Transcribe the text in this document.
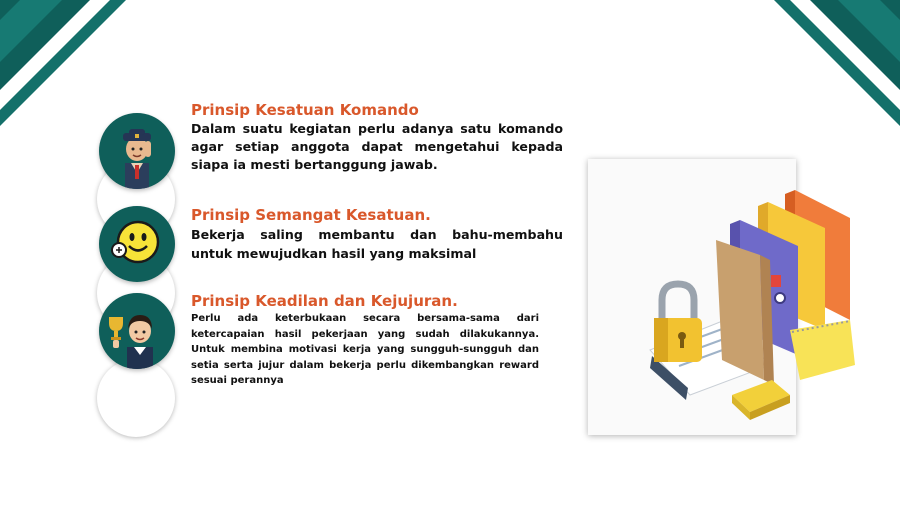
Prinsip Kesatuan Komando

Dalam suatu kegiatan perlu adanya satu komando agar setiap anggota dapat mengetahui kepada siapa ia mesti bertanggung jawab.

Prinsip Semangat Kesatuan.

Bekerja saling membantu dan bahu-membahu untuk mewujudkan hasil yang maksimal

Prinsip Keadilan dan Kejujuran.

Perlu ada keterbukaan secara bersama-sama dari ketercapaian hasil pekerjaan yang sudah dilakukannya. Untuk membina motivasi kerja yang sungguh-sungguh dan setia serta jujur dalam bekerja perlu dikembangkan reward sesuai perannya
